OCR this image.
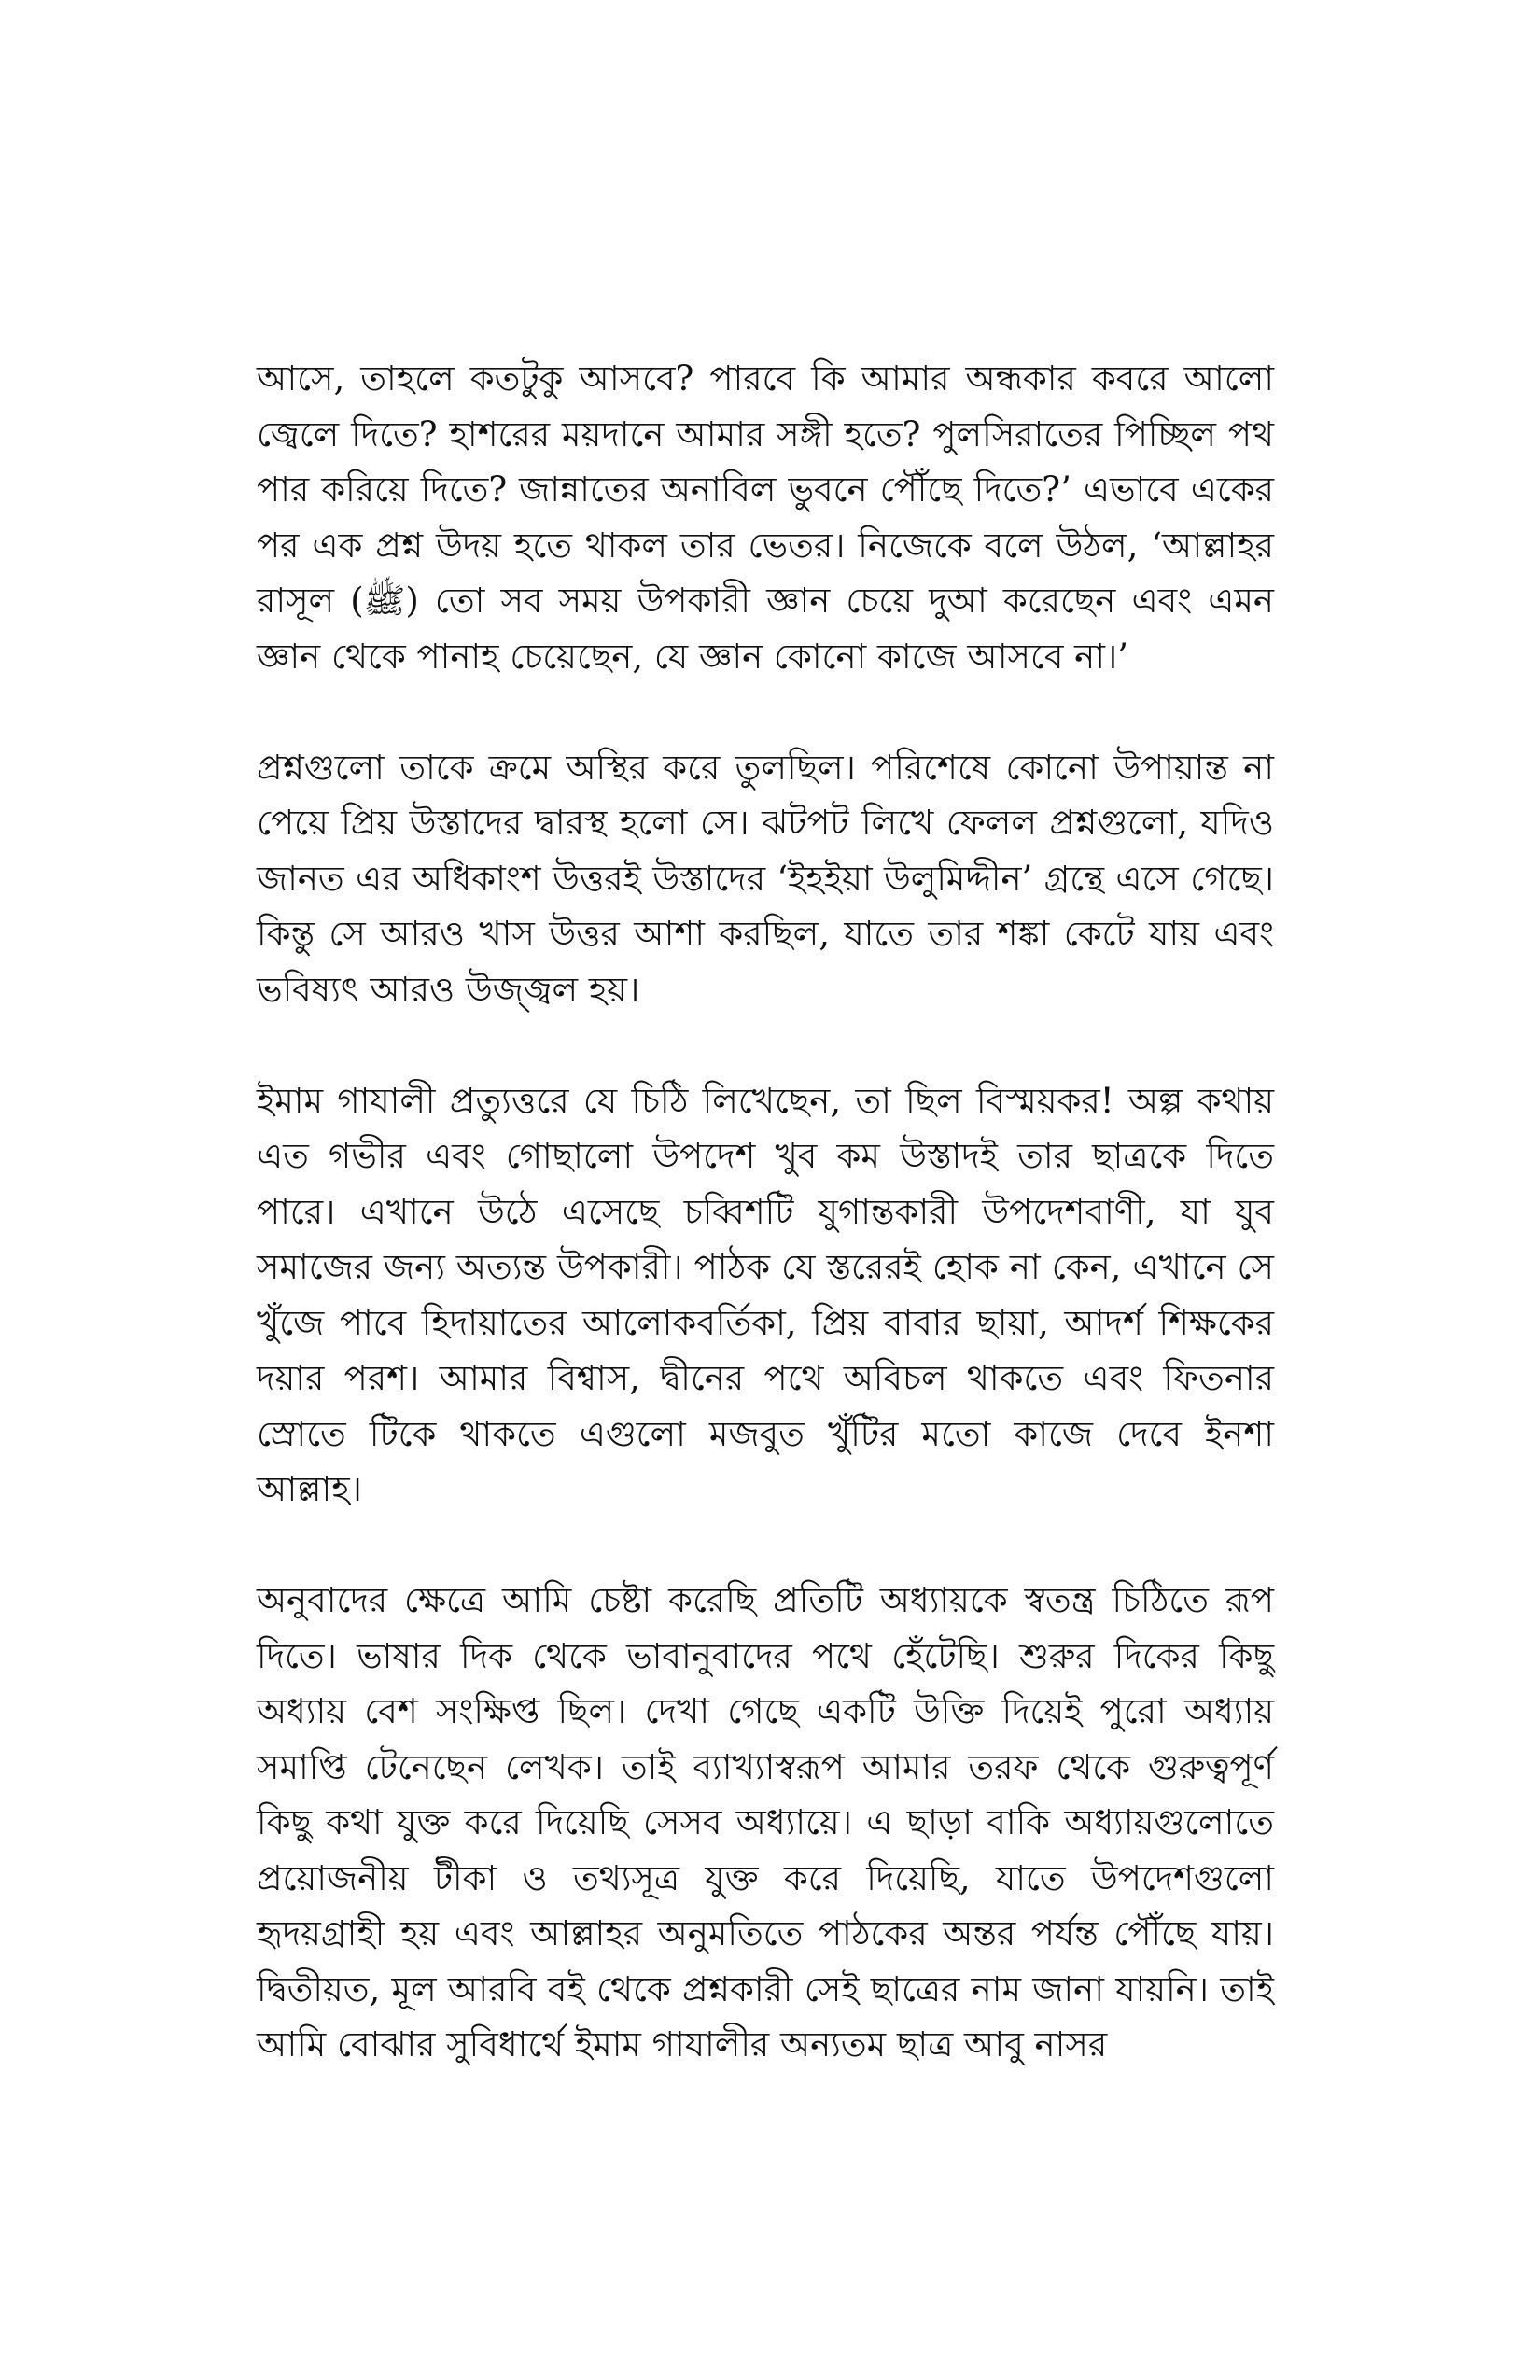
আসে, তাহলে কতটুকু আসবে? পারবে কি আমার অন্ধকার কবরে আলো জ্বেলে দিতে? হাশরের ময়দানে আমার সঙ্গী হতে? পুলসিরাতের পিচ্ছিল পথ পার করিয়ে দিতে? জান্নাতের অনাবিল ভুবনে পৌঁছে দিতে?’ এভাবে একের পর এক প্রশ্ন উদয় হতে থাকল তার ভেতর। নিজেকে বলে উঠল, ‘আল্লাহর রাসূল (ﷺ) তো সব সময় উপকারী জ্ঞান চেয়ে দুআ করেছেন এবং এমন জ্ঞান থেকে পানাহ চেয়েছেন, যে জ্ঞান কোনো কাজে আসবে না।’

প্রশ্নগুলো তাকে ক্রমে অস্থির করে তুলছিল। পরিশেষে কোনো উপায়ান্ত না পেয়ে প্রিয় উস্তাদের দ্বারস্থ হলো সে। ঝটপট লিখে ফেলল প্রশ্নগুলো, যদিও জানত এর অধিকাংশ উত্তরই উস্তাদের ‘ইহইয়া উলুমিদ্দীন’ গ্রন্থে এসে গেছে। কিন্তু সে আরও খাস উত্তর আশা করছিল, যাতে তার শঙ্কা কেটে যায় এবং ভবিষ্যৎ আরও উজ্জ্বল হয়।

ইমাম গাযালী প্রত্যুত্তরে যে চিঠি লিখেছেন, তা ছিল বিস্ময়কর! অল্প কথায় এত গভীর এবং গোছালো উপদেশ খুব কম উস্তাদই তার ছাত্রকে দিতে পারে। এখানে উঠে এসেছে চব্বিশটি যুগান্তকারী উপদেশবাণী, যা যুব সমাজের জন্য অত্যন্ত উপকারী। পাঠক যে স্তরেরই হোক না কেন, এখানে সে খুঁজে পাবে হিদায়াতের আলোকবর্তিকা, প্রিয় বাবার ছায়া, আদর্শ শিক্ষকের দয়ার পরশ। আমার বিশ্বাস, দ্বীনের পথে অবিচল থাকতে এবং ফিতনার স্রোতে টিকে থাকতে এগুলো মজবুত খুঁটির মতো কাজে দেবে ইনশা আল্লাহ।

অনুবাদের ক্ষেত্রে আমি চেষ্টা করেছি প্রতিটি অধ্যায়কে স্বতন্ত্র চিঠিতে রূপ দিতে। ভাষার দিক থেকে ভাবানুবাদের পথে হেঁটেছি। শুরুর দিকের কিছু অধ্যায় বেশ সংক্ষিপ্ত ছিল। দেখা গেছে একটি উক্তি দিয়েই পুরো অধ্যায় সমাপ্তি টেনেছেন লেখক। তাই ব্যাখ্যাস্বরূপ আমার তরফ থেকে গুরুত্বপূর্ণ কিছু কথা যুক্ত করে দিয়েছি সেসব অধ্যায়ে। এ ছাড়া বাকি অধ্যায়গুলোতে প্রয়োজনীয় টীকা ও তথ্যসূত্র যুক্ত করে দিয়েছি, যাতে উপদেশগুলো হৃদয়গ্রাহী হয় এবং আল্লাহর অনুমতিতে পাঠকের অন্তর পর্যন্ত পৌঁছে যায়। দ্বিতীয়ত, মূল আরবি বই থেকে প্রশ্নকারী সেই ছাত্রের নাম জানা যায়নি। তাই আমি বোঝার সুবিধার্থে ইমাম গাযালীর অন্যতম ছাত্র আবু নাসর
